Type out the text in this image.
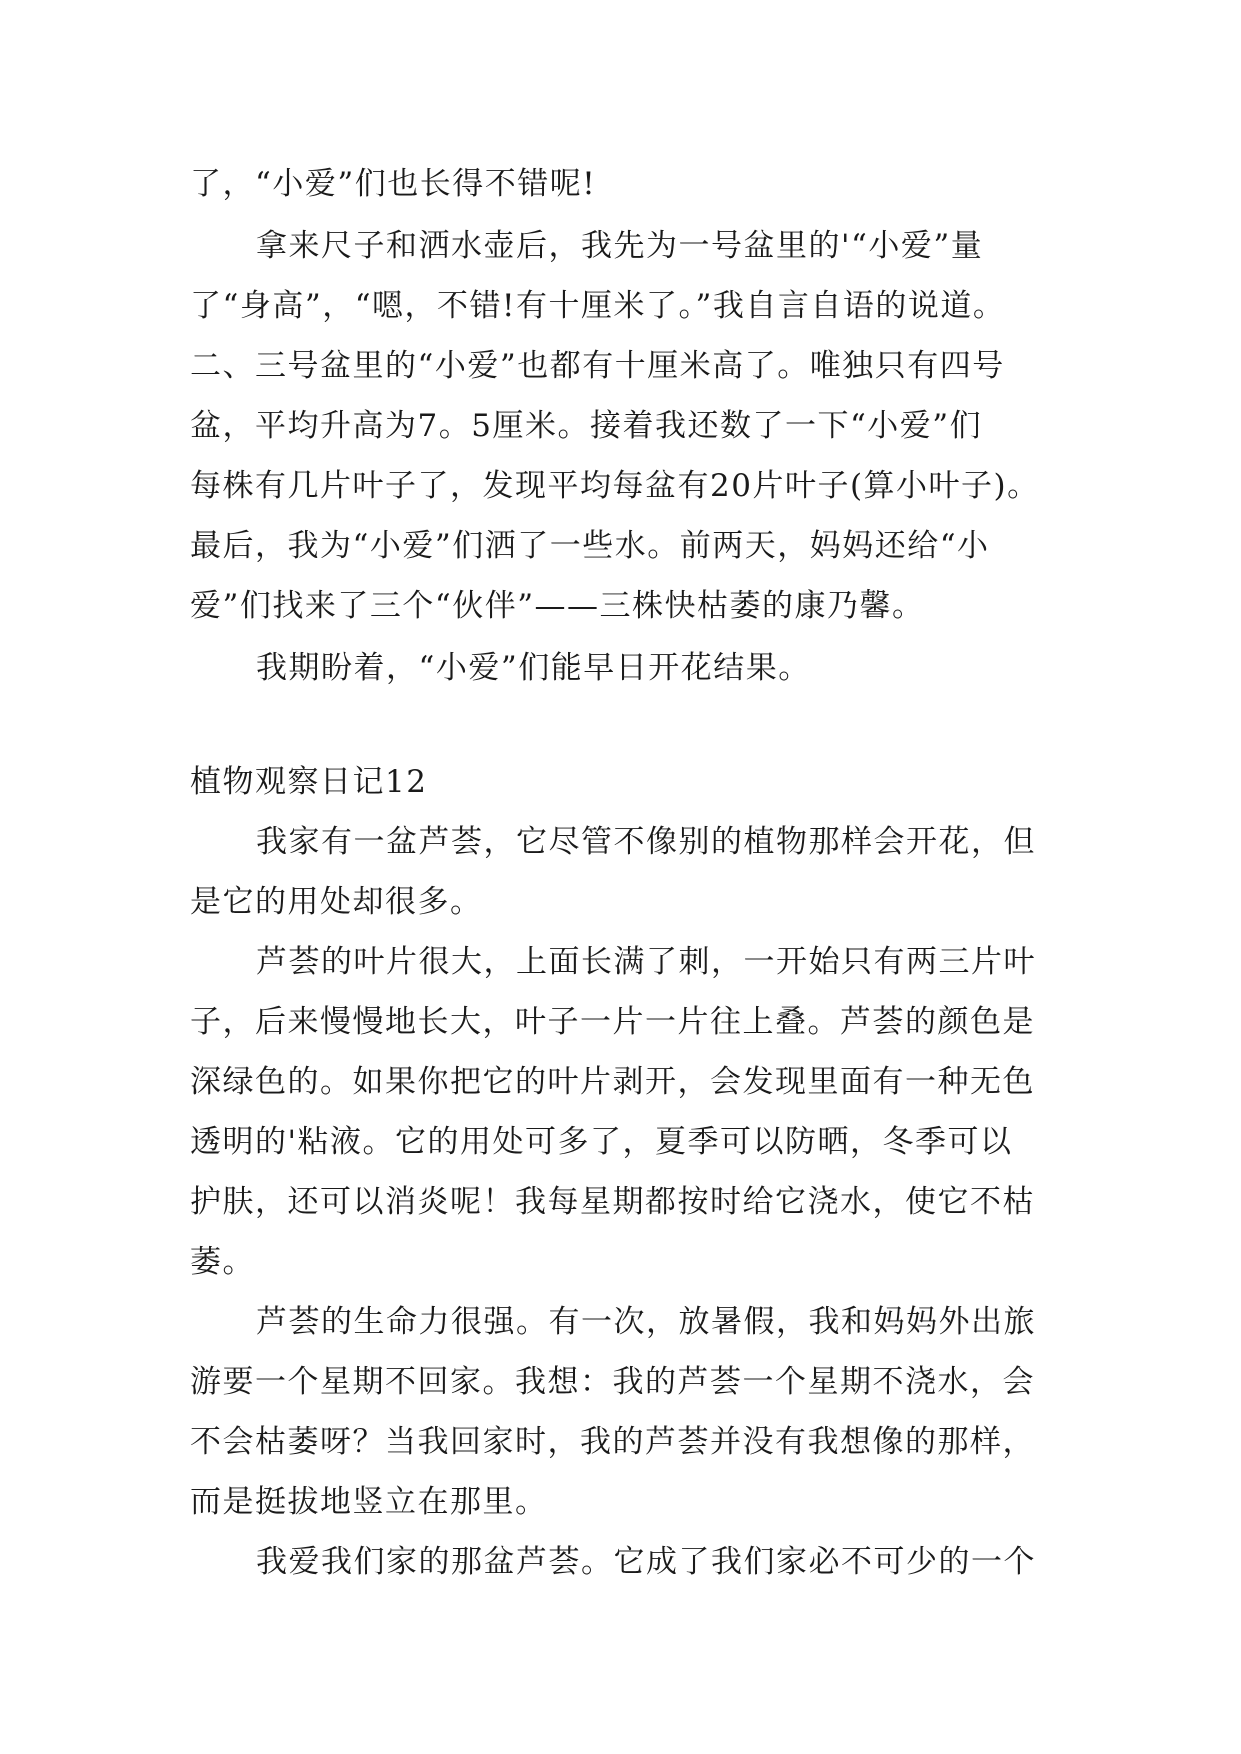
了，“小爱”们也长得不错呢!
拿来尺子和洒水壶后，我先为一号盆里的'“小爱”量
了“身高”，“嗯，不错!有十厘米了。”我自言自语的说道。
二、三号盆里的“小爱”也都有十厘米高了。唯独只有四号
盆，平均升高为7。5厘米。接着我还数了一下“小爱”们
每株有几片叶子了，发现平均每盆有20片叶子(算小叶子)。
最后，我为“小爱”们洒了一些水。前两天，妈妈还给“小
爱”们找来了三个“伙伴”——三株快枯萎的康乃馨。
我期盼着，“小爱”们能早日开花结果。
植物观察日记12
我家有一盆芦荟，它尽管不像别的植物那样会开花，但
是它的用处却很多。
芦荟的叶片很大，上面长满了刺，一开始只有两三片叶
子，后来慢慢地长大，叶子一片一片往上叠。芦荟的颜色是
深绿色的。如果你把它的叶片剥开，会发现里面有一种无色
透明的'粘液。它的用处可多了，夏季可以防晒，冬季可以
护肤，还可以消炎呢！我每星期都按时给它浇水，使它不枯
萎。
芦荟的生命力很强。有一次，放暑假，我和妈妈外出旅
游要一个星期不回家。我想：我的芦荟一个星期不浇水，会
不会枯萎呀？当我回家时，我的芦荟并没有我想像的那样，
而是挺拔地竖立在那里。
我爱我们家的那盆芦荟。它成了我们家必不可少的一个
